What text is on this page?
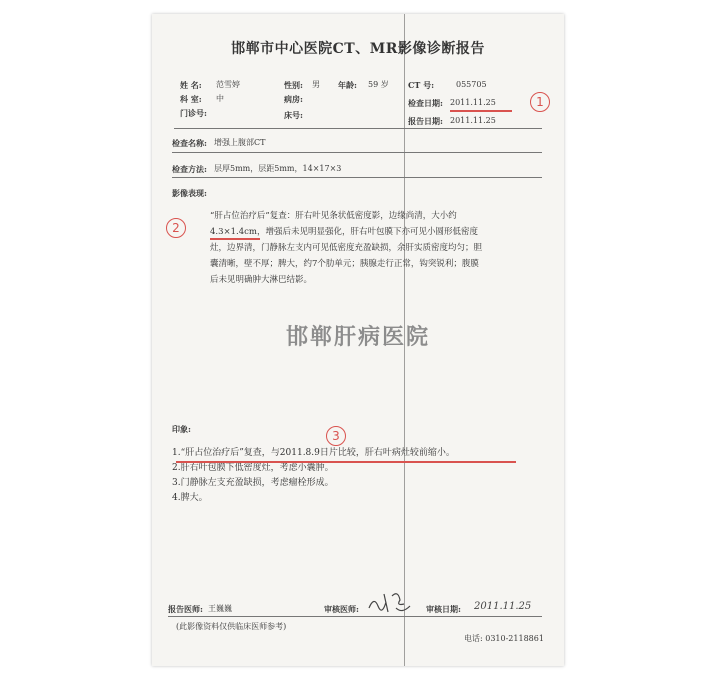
邯郸市中心医院CT、MR影像诊断报告
姓 名: 范雪婷	性别: 男 年龄: 59 岁 CT 号:	055705
科 室: 中	病房:	检查日期: 2011.11.25
门诊号:	床号:
报告日期: 2011.11.25
检查名称: 增强上腹部CT
检查方法: 层厚5mm，层距5mm，14×17×3
影像表现:
“肝占位治疗后”复查：肝右叶见条状低密度影，边缘尚清，大小约
4.3×1.4cm，增强后未见明显强化，肝右叶包膜下亦可见小圆形低密度
灶，边界清，门静脉左支内可见低密度充盈缺损，余肝实质密度均匀；胆
囊清晰，壁不厚；脾大，约7个肋单元；胰腺走行正常，钩突锐利；腹膜
后未见明确肿大淋巴结影。
邯郸肝病医院
印象:
1.“肝占位治疗后”复查，与2011.8.9日片比较，肝右叶病灶较前缩小。
2.肝右叶包膜下低密度灶，考虑小囊肿。
3.门静脉左支充盈缺损，考虑瘤栓形成。
4.脾大。
报告医师: 王巍巍	审核医师:	审核日期: 2011.11.25
(此影像资料仅供临床医师参考)
电话: 0310-2118861
1
2
3
